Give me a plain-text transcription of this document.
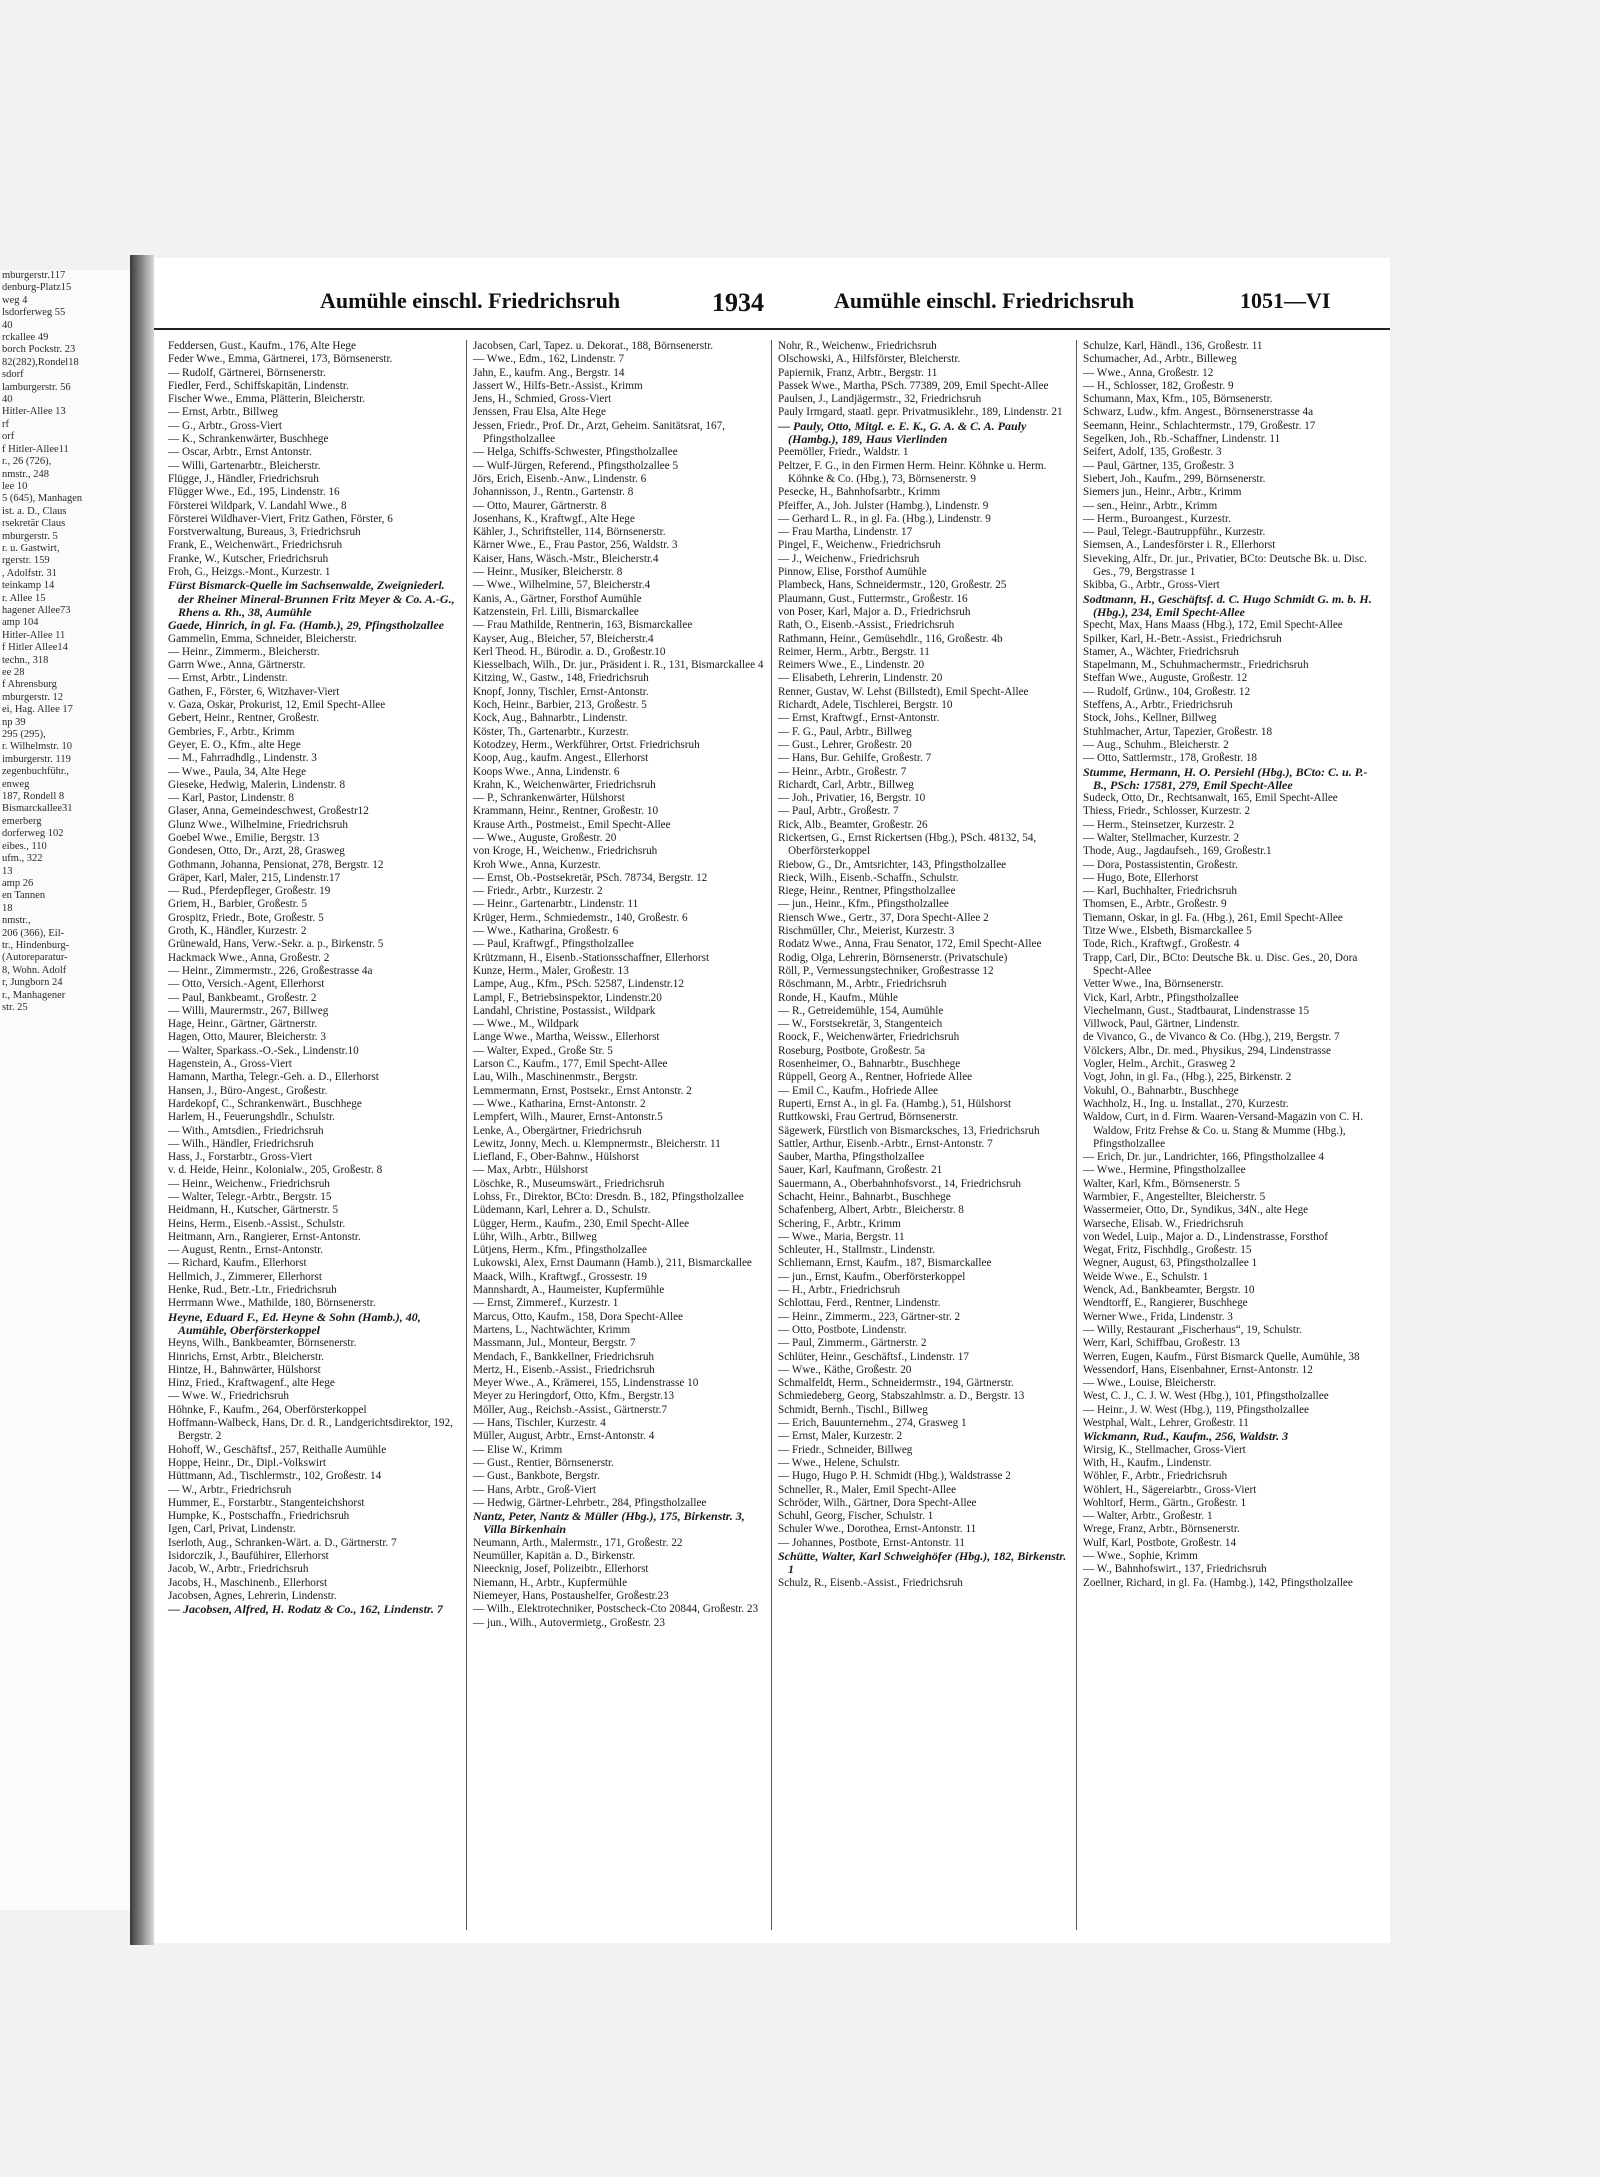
mburgerstr.117
denburg-Platz15
weg 4
lsdorferweg 55
40
rckallee 49
borch Pockstr. 23
82(282),Rondel18
sdorf
lamburgerstr. 56
40
Hitler-Allee 13
rf
orf
f Hitler-Allee11
r., 26 (726),
nmstr., 248
lee 10
5 (645), Manhagen
ist. a. D., Claus
rsekretär Claus
mburgerstr. 5
r. u. Gastwirt,
rgerstr. 159
, Adolfstr. 31
teinkamp 14
r. Allee 15
hagener Allee73
amp 104
Hitler-Allee 11
f Hitler Allee14
techn., 318
ee 28
f Ahrensburg
mburgerstr. 12
ei, Hag. Allee 17
np 39
295 (295),
r. Wilhelmstr. 10
imburgerstr. 119
zegenbuchführ.,
enweg
187, Rondell 8
Bismarckallee31
emerberg
dorferweg 102
eibes., 110
ufm., 322
13
amp 26
en Tannen
18
nmstr.,
206 (366), Eil-
tr., Hindenburg-
(Autoreparatur-
8, Wohn. Adolf
r, Jungborn 24
r., Manhagener
str. 25
Aumühle einschl. Friedrichsruh	1934	Aumühle einschl. Friedrichsruh	1051—VI
Feddersen, Gust., Kaufm., 176, Alte Hege
Feder Wwe., Emma, Gärtnerei, 173, Börnsenerstr.
— Rudolf, Gärtnerei, Börnsenerstr.
Fiedler, Ferd., Schiffskapitän, Lindenstr.
Fischer Wwe., Emma, Plätterin, Bleicherstr.
— Ernst, Arbtr., Billweg
— G., Arbtr., Gross-Viert
— K., Schrankenwärter, Buschhege
— Oscar, Arbtr., Ernst Antonstr.
— Willi, Gartenarbtr., Bleicherstr.
Flügge, J., Händler, Friedrichsruh
Flügger Wwe., Ed., 195, Lindenstr. 16
Försterei Wildpark, V. Landahl Wwe., 8
Försterei Wildhaver-Viert, Fritz Gathen, Förster, 6
Forstverwaltung, Bureaus, 3, Friedrichsruh
Frank, E., Weichenwärt., Friedrichsruh
Franke, W., Kutscher, Friedrichsruh
Froh, G., Heizgs.-Mont., Kurzestr. 1
Fürst Bismarck-Quelle im Sachsenwalde, Zweigniederl. der Rheiner Mineral-Brunnen Fritz Meyer & Co. A.-G., Rhens a. Rh., 38, Aumühle
Gaede, Hinrich, in gl. Fa. (Hamb.), 29, Pfingstholzallee
Gammelin, Emma, Schneider, Bleicherstr.
— Heinr., Zimmerm., Bleicherstr.
Garrn Wwe., Anna, Gärtnerstr.
— Ernst, Arbtr., Lindenstr.
Gathen, F., Förster, 6, Witzhaver-Viert
v. Gaza, Oskar, Prokurist, 12, Emil Specht-Allee
Gebert, Heinr., Rentner, Großestr.
Gembries, F., Arbtr., Krimm
Geyer, E. O., Kfm., alte Hege
— M., Fahrradhdlg., Lindenstr. 3
— Wwe., Paula, 34, Alte Hege
Gieseke, Hedwig, Malerin, Lindenstr. 8
— Karl, Pastor, Lindenstr. 8
Glaser, Anna, Gemeindeschwest, Großestr12
Glunz Wwe., Wilhelmine, Friedrichsruh
Goebel Wwe., Emilie, Bergstr. 13
Gondesen, Otto, Dr., Arzt, 28, Grasweg
Gothmann, Johanna, Pensionat, 278, Bergstr. 12
Gräper, Karl, Maler, 215, Lindenstr.17
— Rud., Pferdepfleger, Großestr. 19
Griem, H., Barbier, Großestr. 5
Grospitz, Friedr., Bote, Großestr. 5
Groth, K., Händler, Kurzestr. 2
Grünewald, Hans, Verw.-Sekr. a. p., Birkenstr. 5
Hackmack Wwe., Anna, Großestr. 2
— Heinr., Zimmermstr., 226, Großestrasse 4a
— Otto, Versich.-Agent, Ellerhorst
— Paul, Bankbeamt., Großestr. 2
— Willi, Maurermstr., 267, Billweg
Hage, Heinr., Gärtner, Gärtnerstr.
Hagen, Otto, Maurer, Bleicherstr. 3
— Walter, Sparkass.-O.-Sek., Lindenstr.10
Hagenstein, A., Gross-Viert
Hamann, Martha, Telegr.-Geh. a. D., Ellerhorst
Hansen, J., Büro-Angest., Großestr.
Hardekopf, C., Schrankenwärt., Buschhege
Harlem, H., Feuerungshdlr., Schulstr.
— With., Amtsdien., Friedrichsruh
— Wilh., Händler, Friedrichsruh
Hass, J., Forstarbtr., Gross-Viert
v. d. Heide, Heinr., Kolonialw., 205, Großestr. 8
— Heinr., Weichenw., Friedrichsruh
— Walter, Telegr.-Arbtr., Bergstr. 15
Heidmann, H., Kutscher, Gärtnerstr. 5
Heins, Herm., Eisenb.-Assist., Schulstr.
Heitmann, Arn., Rangierer, Ernst-Antonstr.
— August, Rentn., Ernst-Antonstr.
— Richard, Kaufm., Ellerhorst
Hellmich, J., Zimmerer, Ellerhorst
Henke, Rud., Betr.-Ltr., Friedrichsruh
Herrmann Wwe., Mathilde, 180, Börnsenerstr.
Heyne, Eduard F., Ed. Heyne & Sohn (Hamb.), 40, Aumühle, Oberförsterkoppel
Heyns, Wilh., Bankbeamter, Börnsenerstr.
Hinrichs, Ernst, Arbtr., Bleicherstr.
Hintze, H., Bahnwärter, Hülshorst
Hinz, Fried., Kraftwagenf., alte Hege
— Wwe. W., Friedrichsruh
Höhnke, F., Kaufm., 264, Oberförsterkoppel
Hoffmann-Walbeck, Hans, Dr. d. R., Landgerichtsdirektor, 192, Bergstr. 2
Hohoff, W., Geschäftsf., 257, Reithalle Aumühle
Hoppe, Heinr., Dr., Dipl.-Volkswirt
Hüttmann, Ad., Tischlermstr., 102, Großestr. 14
— W., Arbtr., Friedrichsruh
Hummer, E., Forstarbtr., Stangenteichshorst
Humpke, K., Postschaffn., Friedrichsruh
Igen, Carl, Privat, Lindenstr.
Iserloth, Aug., Schranken-Wärt. a. D., Gärtnerstr. 7
Isidorczik, J., Baufühirer, Ellerhorst
Jacob, W., Arbtr., Friedrichsruh
Jacobs, H., Maschinenb., Ellerhorst
Jacobsen, Agnes, Lehrerin, Lindenstr.
— Jacobsen, Alfred, H. Rodatz & Co., 162, Lindenstr. 7
Jacobsen, Carl, Tapez. u. Dekorat., 188, Börnsenerstr.
— Wwe., Edm., 162, Lindenstr. 7
Jahn, E., kaufm. Ang., Bergstr. 14
Jassert W., Hilfs-Betr.-Assist., Krimm
Jens, H., Schmied, Gross-Viert
Jenssen, Frau Elsa, Alte Hege
Jessen, Friedr., Prof. Dr., Arzt, Geheim. Sanitätsrat, 167, Pfingstholzallee
— Helga, Schiffs-Schwester, Pfingstholzallee
— Wulf-Jürgen, Referend., Pfingstholzallee 5
Jörs, Erich, Eisenb.-Anw., Lindenstr. 6
Johannisson, J., Rentn., Gartenstr. 8
— Otto, Maurer, Gärtnerstr. 8
Josenhans, K., Kraftwgf., Alte Hege
Kähler, J., Schriftsteller, 114, Börnsenerstr.
Kärner Wwe., E., Frau Pastor, 256, Waldstr. 3
Kaiser, Hans, Wäsch.-Mstr., Bleicherstr.4
— Heinr., Musiker, Bleicherstr. 8
— Wwe., Wilhelmine, 57, Bleicherstr.4
Kanis, A., Gärtner, Forsthof Aumühle
Katzenstein, Frl. Lilli, Bismarckallee
— Frau Mathilde, Rentnerin, 163, Bismarckallee
Kayser, Aug., Bleicher, 57, Bleicherstr.4
Kerl Theod. H., Bürodir. a. D., Großestr.10
Kiesselbach, Wilh., Dr. jur., Präsident i. R., 131, Bismarckallee 4
Kitzing, W., Gastw., 148, Friedrichsruh
Knopf, Jonny, Tischler, Ernst-Antonstr.
Koch, Heinr., Barbier, 213, Großestr. 5
Kock, Aug., Bahnarbtr., Lindenstr.
Köster, Th., Gartenarbtr., Kurzestr.
Kotodzey, Herm., Werkführer, Ortst. Friedrichsruh
Koop, Aug., kaufm. Angest., Ellerhorst
Koops Wwe., Anna, Lindenstr. 6
Krahn, K., Weichenwärter, Friedrichsruh
— P., Schrankenwärter, Hülshorst
Krammann, Heinr., Rentner, Großestr. 10
Krause Arth., Postmeist., Emil Specht-Allee
— Wwe., Auguste, Großestr. 20
von Kroge, H., Weichenw., Friedrichsruh
Kroh Wwe., Anna, Kurzestr.
— Ernst, Ob.-Postsekretär, PSch. 78734, Bergstr. 12
— Friedr., Arbtr., Kurzestr. 2
— Heinr., Gartenarbtr., Lindenstr. 11
Krüger, Herm., Schmiedemstr., 140, Großestr. 6
— Wwe., Katharina, Großestr. 6
— Paul, Kraftwgf., Pfingstholzallee
Krützmann, H., Eisenb.-Stationsschaffner, Ellerhorst
Kunze, Herm., Maler, Großestr. 13
Lampe, Aug., Kfm., PSch. 52587, Lindenstr.12
Lampl, F., Betriebsinspektor, Lindenstr.20
Landahl, Christine, Postassist., Wildpark
— Wwe., M., Wildpark
Lange Wwe., Martha, Weissw., Ellerhorst
— Walter, Exped., Große Str. 5
Larson C., Kaufm., 177, Emil Specht-Allee
Lau, Wilh., Maschinenmstr., Bergstr.
Lemmermann, Ernst, Postsekr., Ernst Antonstr. 2
— Wwe., Katharina, Ernst-Antonstr. 2
Lempfert, Wilh., Maurer, Ernst-Antonstr.5
Lenke, A., Obergärtner, Friedrichsruh
Lewitz, Jonny, Mech. u. Klempnermstr., Bleicherstr. 11
Liefland, F., Ober-Bahnw., Hülshorst
— Max, Arbtr., Hülshorst
Löschke, R., Museumswärt., Friedrichsruh
Lohss, Fr., Direktor, BCto: Dresdn. B., 182, Pfingstholzallee
Lüdemann, Karl, Lehrer a. D., Schulstr.
Lügger, Herm., Kaufm., 230, Emil Specht-Allee
Lühr, Wilh., Arbtr., Billweg
Lütjens, Herm., Kfm., Pfingstholzallee
Lukowski, Alex, Ernst Daumann (Hamb.), 211, Bismarckallee
Maack, Wilh., Kraftwgf., Grossestr. 19
Mannshardt, A., Haumeister, Kupfermühle
— Ernst, Zimmeref., Kurzestr. 1
Marcus, Otto, Kaufm., 158, Dora Specht-Allee
Martens, L., Nachtwächter, Krimm
Massmann, Jul., Monteur, Bergstr. 7
Mendach, F., Bankkellner, Friedrichsruh
Mertz, H., Eisenb.-Assist., Friedrichsruh
Meyer Wwe., A., Krämerei, 155, Lindenstrasse 10
Meyer zu Heringdorf, Otto, Kfm., Bergstr.13
Möller, Aug., Reichsb.-Assist., Gärtnerstr.7
— Hans, Tischler, Kurzestr. 4
Müller, August, Arbtr., Ernst-Antonstr. 4
— Elise W., Krimm
— Gust., Rentier, Börnsenerstr.
— Gust., Bankbote, Bergstr.
— Hans, Arbtr., Groß-Viert
— Hedwig, Gärtner-Lehrbetr., 284, Pfingstholzallee
Nantz, Peter, Nantz & Müller (Hbg.), 175, Birkenstr. 3, Villa Birkenhain
Neumann, Arth., Malermstr., 171, Großestr. 22
Neumüller, Kapitän a. D., Birkenstr.
Nieecknig, Josef, Polizeibtr., Ellerhorst
Niemann, H., Arbtr., Kupfermühle
Niemeyer, Hans, Postaushelfer, Großestr.23
— Wilh., Elektrotechniker, Postscheck-Cto 20844, Großestr. 23
— jun., Wilh., Autovermietg., Großestr. 23
Nohr, R., Weichenw., Friedrichsruh
Olschowski, A., Hilfsförster, Bleicherstr.
Papiernik, Franz, Arbtr., Bergstr. 11
Passek Wwe., Martha, PSch. 77389, 209, Emil Specht-Allee
Paulsen, J., Landjägermstr., 32, Friedrichsruh
Pauly Irmgard, staatl. gepr. Privatmusiklehr., 189, Lindenstr. 21
— Pauly, Otto, Mitgl. e. E. K., G. A. & C. A. Pauly (Hambg.), 189, Haus Vierlinden
Peemöller, Friedr., Waldstr. 1
Peltzer, F. G., in den Firmen Herm. Heinr. Köhnke u. Herm. Köhnke & Co. (Hbg.), 73, Börnsenerstr. 9
Pesecke, H., Bahnhofsarbtr., Krimm
Pfeiffer, A., Joh. Julster (Hambg.), Lindenstr. 9
— Gerhard L. R., in gl. Fa. (Hbg.), Lindenstr. 9
— Frau Martha, Lindenstr. 17
Pingel, F., Weichenw., Friedrichsruh
— J., Weichenw., Friedrichsruh
Pinnow, Elise, Forsthof Aumühle
Plambeck, Hans, Schneidermstr., 120, Großestr. 25
Plaumann, Gust., Futtermstr., Großestr. 16
von Poser, Karl, Major a. D., Friedrichsruh
Rath, O., Eisenb.-Assist., Friedrichsruh
Rathmann, Heinr., Gemüsehdlr., 116, Großestr. 4b
Reimer, Herm., Arbtr., Bergstr. 11
Reimers Wwe., E., Lindenstr. 20
— Elisabeth, Lehrerin, Lindenstr. 20
Renner, Gustav, W. Lehst (Billstedt), Emil Specht-Allee
Richardt, Adele, Tischlerei, Bergstr. 10
— Ernst, Kraftwgf., Ernst-Antonstr.
— F. G., Paul, Arbtr., Billweg
— Gust., Lehrer, Großestr. 20
— Hans, Bur. Gehilfe, Großestr. 7
— Heinr., Arbtr., Großestr. 7
Richardt, Carl, Arbtr., Billweg
— Joh., Privatier, 16, Bergstr. 10
— Paul, Arbtr., Großestr. 7
Rick, Alb., Beamter, Großestr. 26
Rickertsen, G., Ernst Rickertsen (Hbg.), PSch. 48132, 54, Oberförsterkoppel
Riebow, G., Dr., Amtsrichter, 143, Pfingstholzallee
Rieck, Wilh., Eisenb.-Schaffn., Schulstr.
Riege, Heinr., Rentner, Pfingstholzallee
— jun., Heinr., Kfm., Pfingstholzallee
Riensch Wwe., Gertr., 37, Dora Specht-Allee 2
Rischmüller, Chr., Meierist, Kurzestr. 3
Rodatz Wwe., Anna, Frau Senator, 172, Emil Specht-Allee
Rodig, Olga, Lehrerin, Börnsenerstr. (Privatschule)
Röll, P., Vermessungstechniker, Großestrasse 12
Röschmann, M., Arbtr., Friedrichsruh
Ronde, H., Kaufm., Mühle
— R., Getreidemühle, 154, Aumühle
— W., Forstsekretär, 3, Stangenteich
Roock, F., Weichenwärter, Friedrichsruh
Roseburg, Postbote, Großestr. 5a
Rosenheimer, O., Bahnarbtr., Buschhege
Rüppell, Georg A., Rentner, Hofriede Allee
— Emil C., Kaufm., Hofriede Allee
Ruperti, Ernst A., in gl. Fa. (Hambg.), 51, Hülshorst
Ruttkowski, Frau Gertrud, Börnsenerstr.
Sägewerk, Fürstlich von Bismarcksches, 13, Friedrichsruh
Sattler, Arthur, Eisenb.-Arbtr., Ernst-Antonstr. 7
Sauber, Martha, Pfingstholzallee
Sauer, Karl, Kaufmann, Großestr. 21
Sauermann, A., Oberbahnhofsvorst., 14, Friedrichsruh
Schacht, Heinr., Bahnarbt., Buschhege
Schafenberg, Albert, Arbtr., Bleicherstr. 8
Schering, F., Arbtr., Krimm
— Wwe., Maria, Bergstr. 11
Schleuter, H., Stallmstr., Lindenstr.
Schliemann, Ernst, Kaufm., 187, Bismarckallee
— jun., Ernst, Kaufm., Oberförsterkoppel
— H., Arbtr., Friedrichsruh
Schlottau, Ferd., Rentner, Lindenstr.
— Heinr., Zimmerm., 223, Gärtner-str. 2
— Otto, Postbote, Lindenstr.
— Paul, Zimmerm., Gärtnerstr. 2
Schlüter, Heinr., Geschäftsf., Lindenstr. 17
— Wwe., Käthe, Großestr. 20
Schmalfeldt, Herm., Schneidermstr., 194, Gärtnerstr.
Schmiedeberg, Georg, Stabszahlmstr. a. D., Bergstr. 13
Schmidt, Bernh., Tischl., Billweg
— Erich, Bauunternehm., 274, Grasweg 1
— Ernst, Maler, Kurzestr. 2
— Friedr., Schneider, Billweg
— Wwe., Helene, Schulstr.
— Hugo, Hugo P. H. Schmidt (Hbg.), Waldstrasse 2
Schneller, R., Maler, Emil Specht-Allee
Schröder, Wilh., Gärtner, Dora Specht-Allee
Schuhl, Georg, Fischer, Schulstr. 1
Schuler Wwe., Dorothea, Ernst-Antonstr. 11
— Johannes, Postbote, Ernst-Antonstr. 11
Schütte, Walter, Karl Schweighöfer (Hbg.), 182, Birkenstr. 1
Schulz, R., Eisenb.-Assist., Friedrichsruh
Schulze, Karl, Händl., 136, Großestr. 11
Schumacher, Ad., Arbtr., Billeweg
— Wwe., Anna, Großestr. 12
— H., Schlosser, 182, Großestr. 9
Schumann, Max, Kfm., 105, Börnsenerstr.
Schwarz, Ludw., kfm. Angest., Börnsenerstrasse 4a
Seemann, Heinr., Schlachtermstr., 179, Großestr. 17
Segelken, Joh., Rb.-Schaffner, Lindenstr. 11
Seifert, Adolf, 135, Großestr. 3
— Paul, Gärtner, 135, Großestr. 3
Siebert, Joh., Kaufm., 299, Börnsenerstr.
Siemers jun., Heinr., Arbtr., Krimm
— sen., Heinr., Arbtr., Krimm
— Herm., Buroangest., Kurzestr.
— Paul, Telegr.-Bautruppführ., Kurzestr.
Siemsen, A., Landesförster i. R., Ellerhorst
Sieveking, Alfr., Dr. jur., Privatier, BCto: Deutsche Bk. u. Disc. Ges., 79, Bergstrasse 1
Skibba, G., Arbtr., Gross-Viert
Sodtmann, H., Geschäftsf. d. C. Hugo Schmidt G. m. b. H. (Hbg.), 234, Emil Specht-Allee
Specht, Max, Hans Maass (Hbg.), 172, Emil Specht-Allee
Spilker, Karl, H.-Betr.-Assist., Friedrichsruh
Stamer, A., Wächter, Friedrichsruh
Stapelmann, M., Schuhmachermstr., Friedrichsruh
Steffan Wwe., Auguste, Großestr. 12
— Rudolf, Grünw., 104, Großestr. 12
Steffens, A., Arbtr., Friedrichsruh
Stock, Johs., Kellner, Billweg
Stuhlmacher, Artur, Tapezier, Großestr. 18
— Aug., Schuhm., Bleicherstr. 2
— Otto, Sattlermstr., 178, Großestr. 18
Stumme, Hermann, H. O. Persiehl (Hbg.), BCto: C. u. P.-B., PSch: 17581, 279, Emil Specht-Allee
Sudeck, Otto, Dr., Rechtsanwalt, 165, Emil Specht-Allee
Thiess, Friedr., Schlosser, Kurzestr. 2
— Herm., Steinsetzer, Kurzestr. 2
— Walter, Stellmacher, Kurzestr. 2
Thode, Aug., Jagdaufseh., 169, Großestr.1
— Dora, Postassistentin, Großestr.
— Hugo, Bote, Ellerhorst
— Karl, Buchhalter, Friedrichsruh
Thomsen, E., Arbtr., Großestr. 9
Tiemann, Oskar, in gl. Fa. (Hbg.), 261, Emil Specht-Allee
Titze Wwe., Elsbeth, Bismarckallee 5
Tode, Rich., Kraftwgf., Großestr. 4
Trapp, Carl, Dir., BCto: Deutsche Bk. u. Disc. Ges., 20, Dora Specht-Allee
Vetter Wwe., Ina, Börnsenerstr.
Vick, Karl, Arbtr., Pfingstholzallee
Viechelmann, Gust., Stadtbaurat, Lindenstrasse 15
Villwock, Paul, Gärtner, Lindenstr.
de Vivanco, G., de Vivanco & Co. (Hbg.), 219, Bergstr. 7
Völckers, Albr., Dr. med., Physikus, 294, Lindenstrasse
Vogler, Helm., Archit., Grasweg 2
Vogt, John, in gl. Fa., (Hbg.), 225, Birkenstr. 2
Vokuhl, O., Bahnarbtr., Buschhege
Wachholz, H., Ing. u. Installat., 270, Kurzestr.
Waldow, Curt, in d. Firm. Waaren-Versand-Magazin von C. H. Waldow, Fritz Frehse & Co. u. Stang & Mumme (Hbg.), Pfingstholzallee
— Erich, Dr. jur., Landrichter, 166, Pfingstholzallee 4
— Wwe., Hermine, Pfingstholzallee
Walter, Karl, Kfm., Börnsenerstr. 5
Warmbier, F., Angestellter, Bleicherstr. 5
Wassermeier, Otto, Dr., Syndikus, 34N., alte Hege
Warseche, Elisab. W., Friedrichsruh
von Wedel, Luip., Major a. D., Lindenstrasse, Forsthof
Wegat, Fritz, Fischhdlg., Großestr. 15
Wegner, August, 63, Pfingstholzallee 1
Weide Wwe., E., Schulstr. 1
Wenck, Ad., Bankbeamter, Bergstr. 10
Wendtorff, E., Rangierer, Buschhege
Werner Wwe., Frida, Lindenstr. 3
— Willy, Restaurant „Fischerhaus“, 19, Schulstr.
Werr, Karl, Schiffbau, Großestr. 13
Werren, Eugen, Kaufm., Fürst Bismarck Quelle, Aumühle, 38
Wessendorf, Hans, Eisenbahner, Ernst-Antonstr. 12
— Wwe., Louise, Bleicherstr.
West, C. J., C. J. W. West (Hbg.), 101, Pfingstholzallee
— Heinr., J. W. West (Hbg.), 119, Pfingstholzallee
Westphal, Walt., Lehrer, Großestr. 11
Wickmann, Rud., Kaufm., 256, Waldstr. 3
Wirsig, K., Stellmacher, Gross-Viert
With, H., Kaufm., Lindenstr.
Wöhler, F., Arbtr., Friedrichsruh
Wöhlert, H., Sägereiarbtr., Gross-Viert
Wohltorf, Herm., Gärtn., Großestr. 1
— Walter, Arbtr., Großestr. 1
Wrege, Franz, Arbtr., Börnsenerstr.
Wulf, Karl, Postbote, Großestr. 14
— Wwe., Sophie, Krimm
— W., Bahnhofswirt., 137, Friedrichsruh
Zoellner, Richard, in gl. Fa. (Hambg.), 142, Pfingstholzallee
